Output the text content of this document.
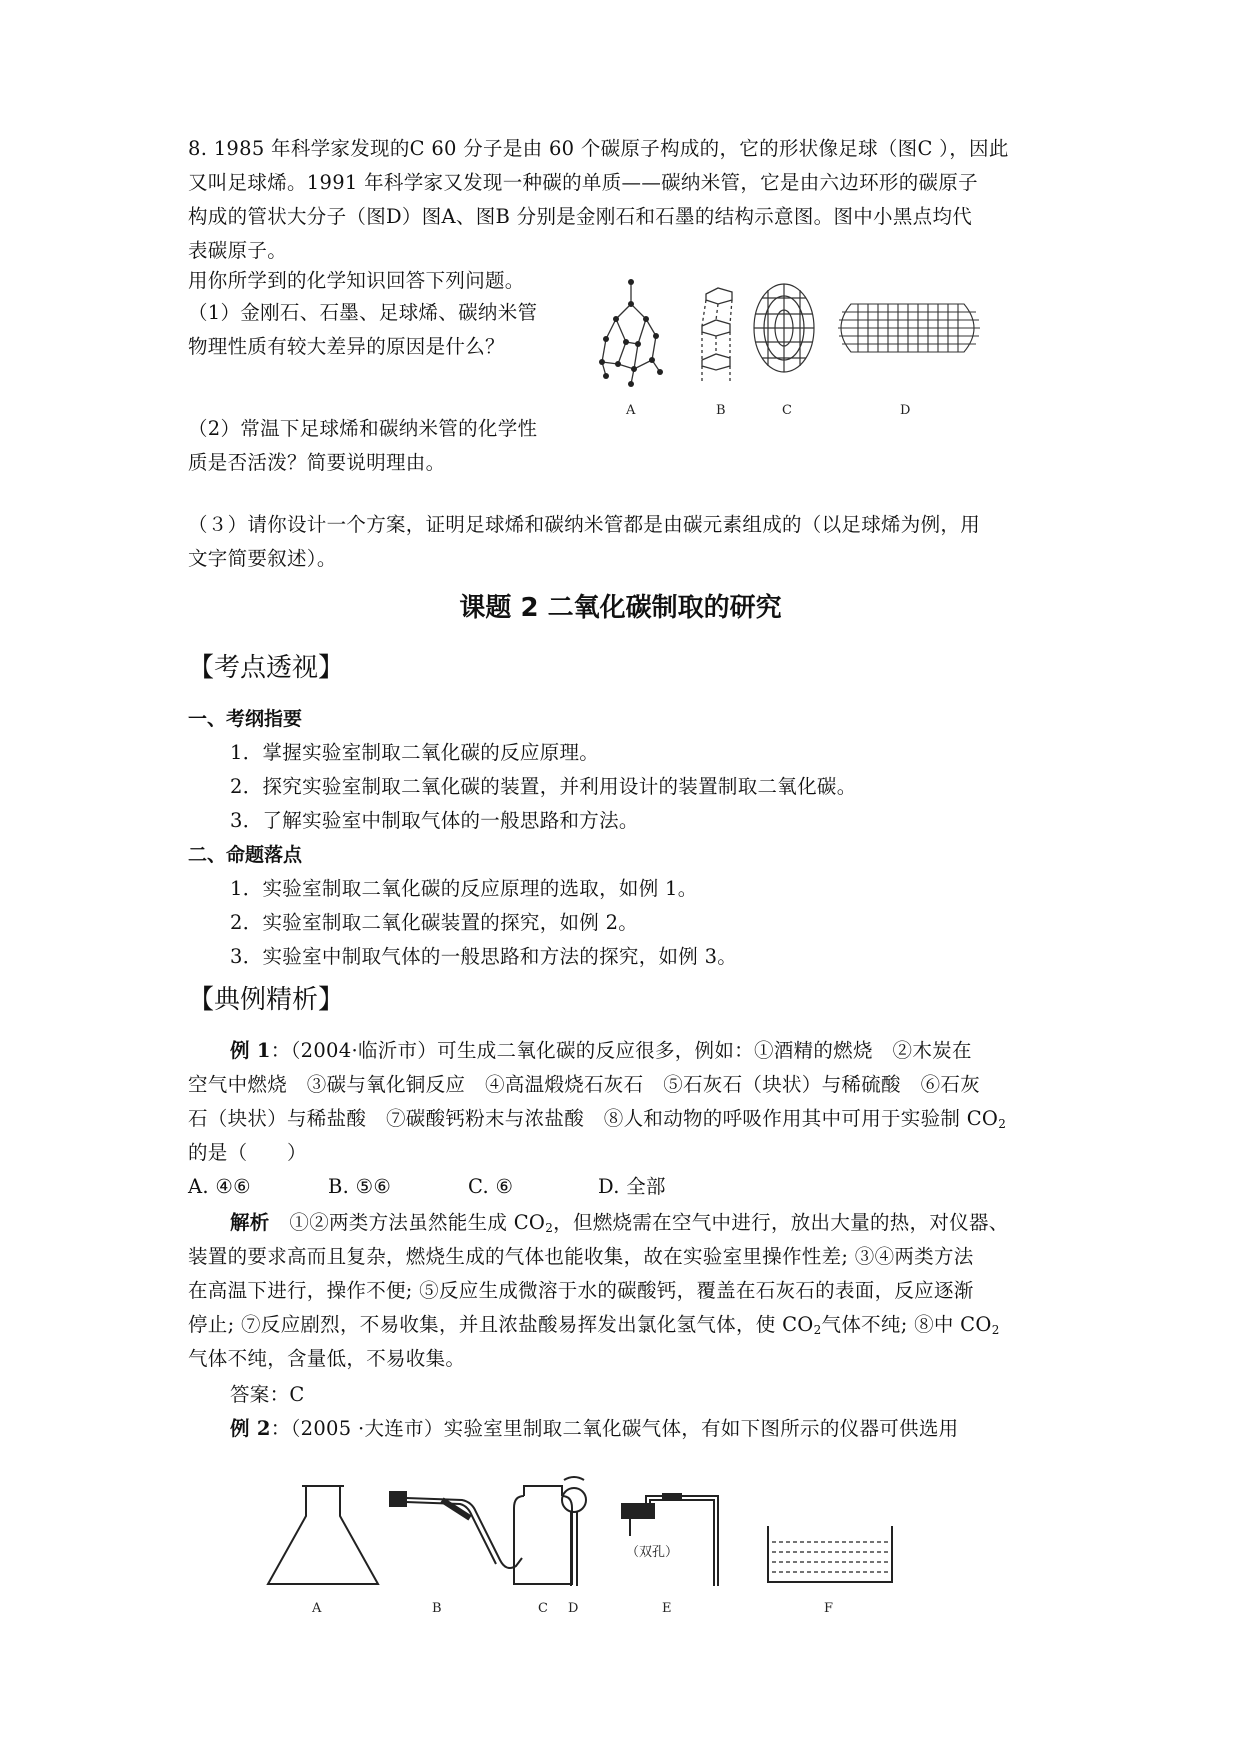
8. 1985 年科学家发现的C 60 分子是由 60 个碳原子构成的，它的形状像足球（图C ），因此
又叫足球烯。1991 年科学家又发现一种碳的单质——碳纳米管，它是由六边环形的碳原子
构成的管状大分子（图D）图A、图B 分别是金刚石和石墨的结构示意图。图中小黑点均代
表碳原子。
用你所学到的化学知识回答下列问题。
（1）金刚石、石墨、足球烯、碳纳米管
物理性质有较大差异的原因是什么？
（2）常温下足球烯和碳纳米管的化学性
质是否活泼？简要说明理由。
（３）请你设计一个方案，证明足球烯和碳纳米管都是由碳元素组成的（以足球烯为例，用
文字简要叙述）。
A	B	C	D
课题 2 二氧化碳制取的研究
【考点透视】
一、考纲指要
1．掌握实验室制取二氧化碳的反应原理。
2．探究实验室制取二氧化碳的装置，并利用设计的装置制取二氧化碳。
3．了解实验室中制取气体的一般思路和方法。
二、命题落点
1．实验室制取二氧化碳的反应原理的选取，如例 1。
2．实验室制取二氧化碳装置的探究，如例 2。
3．实验室中制取气体的一般思路和方法的探究，如例 3。
【典例精析】
例 1：（2004·临沂市）可生成二氧化碳的反应很多，例如：①酒精的燃烧　②木炭在
空气中燃烧　③碳与氧化铜反应　④高温煅烧石灰石　⑤石灰石（块状）与稀硫酸　⑥石灰
石（块状）与稀盐酸　⑦碳酸钙粉末与浓盐酸　⑧人和动物的呼吸作用其中可用于实验制 $CO_2$
的是（　　）
A. ④⑥	B. ⑤⑥	C. ⑥	D. 全部
解析　①②两类方法虽然能生成 $CO_2$，但燃烧需在空气中进行，放出大量的热，对仪器、
装置的要求高而且复杂，燃烧生成的气体也能收集，故在实验室里操作性差; ③④两类方法
在高温下进行，操作不便; ⑤反应生成微溶于水的碳酸钙，覆盖在石灰石的表面，反应逐渐
停止; ⑦反应剧烈，不易收集，并且浓盐酸易挥发出氯化氢气体，使 $CO_2$气体不纯; ⑧中 $CO_2$
气体不纯，含量低，不易收集。
答案：C
例 2：（2005 ·大连市）实验室里制取二氧化碳气体，有如下图所示的仪器可供选用
（双孔）
A	B	C D	E	F
